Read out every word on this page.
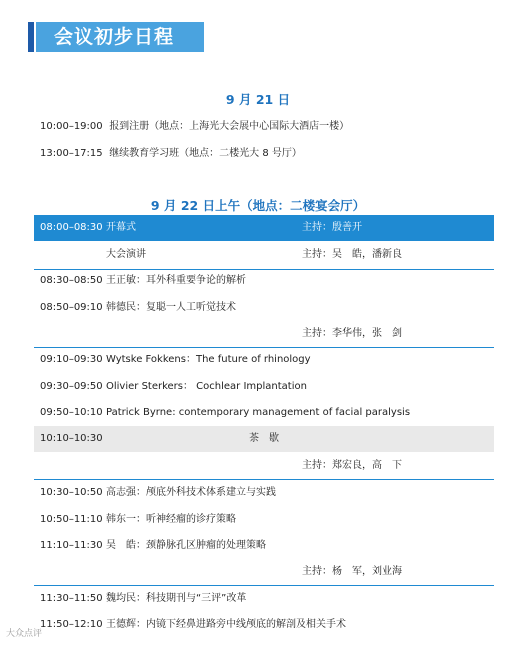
会议初步日程
9 月 21 日
10:00–19:00 报到注册（地点：上海光大会展中心国际大酒店一楼）
13:00–17:15 继续教育学习班（地点：二楼光大 8 号厅）
9 月 22 日上午（地点：二楼宴会厅）
08:00–08:30 开幕式	主持：殷善开
大会演讲	主持：吴　皓，潘新良
08:30–08:50 王正敏：耳外科重要争论的解析
08:50–09:10 韩德民：复聪一人工听觉技术
主持：李华伟，张　剑
09:10–09:30 Wytske Fokkens：The future of rhinology
09:30–09:50 Olivier Sterkers： Cochlear Implantation
09:50–10:10 Patrick Byrne: contemporary management of facial paralysis
10:10–10:30	茶　歇
主持：郑宏良，高　下
10:30–10:50 高志强：颅底外科技术体系建立与实践
10:50–11:10 韩东一：听神经瘤的诊疗策略
11:10–11:30 吴　皓：颈静脉孔区肿瘤的处理策略
主持：杨　军，刘业海
11:30–11:50 魏均民：科技期刊与“三评”改革
11:50–12:10 王德辉：内镜下经鼻进路旁中线颅底的解剖及相关手术
大众点评
